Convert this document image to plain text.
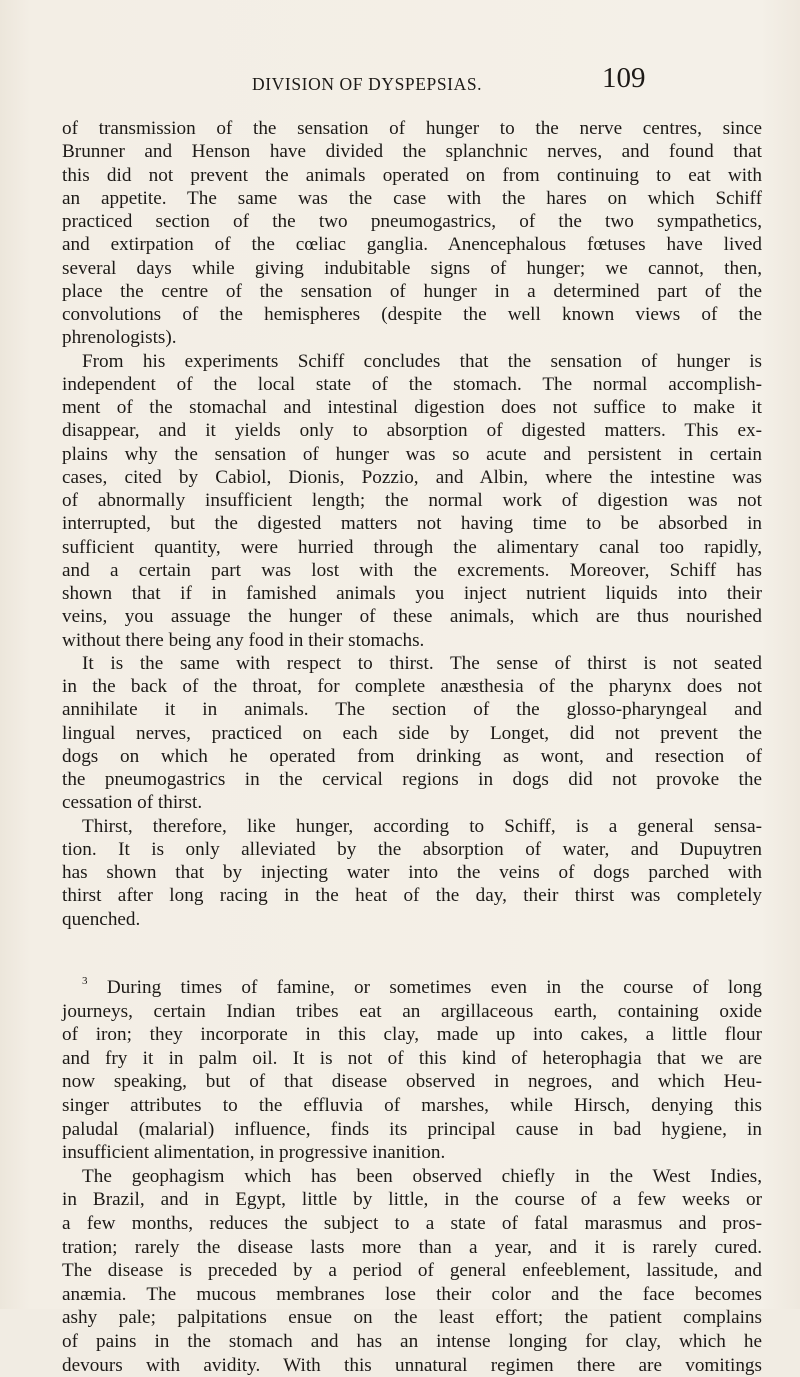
DIVISION OF DYSPEPSIAS.	109
of transmission of the sensation of hunger to the nerve centres, since
Brunner and Henson have divided the splanchnic nerves, and found that
this did not prevent the animals operated on from continuing to eat with
an appetite. The same was the case with the hares on which Schiff
practiced section of the two pneumogastrics, of the two sympathetics,
and extirpation of the cœliac ganglia. Anencephalous fœtuses have lived
several days while giving indubitable signs of hunger; we cannot, then,
place the centre of the sensation of hunger in a determined part of the
convolutions of the hemispheres (despite the well known views of the
phrenologists).
From his experiments Schiff concludes that the sensation of hunger is
independent of the local state of the stomach. The normal accomplish-
ment of the stomachal and intestinal digestion does not suffice to make it
disappear, and it yields only to absorption of digested matters. This ex-
plains why the sensation of hunger was so acute and persistent in certain
cases, cited by Cabiol, Dionis, Pozzio, and Albin, where the intestine was
of abnormally insufficient length; the normal work of digestion was not
interrupted, but the digested matters not having time to be absorbed in
sufficient quantity, were hurried through the alimentary canal too rapidly,
and a certain part was lost with the excrements. Moreover, Schiff has
shown that if in famished animals you inject nutrient liquids into their
veins, you assuage the hunger of these animals, which are thus nourished
without there being any food in their stomachs.
It is the same with respect to thirst. The sense of thirst is not seated
in the back of the throat, for complete anæsthesia of the pharynx does not
annihilate it in animals. The section of the glosso-pharyngeal and
lingual nerves, practiced on each side by Longet, did not prevent the
dogs on which he operated from drinking as wont, and resection of
the pneumogastrics in the cervical regions in dogs did not provoke the
cessation of thirst.
Thirst, therefore, like hunger, according to Schiff, is a general sensa-
tion. It is only alleviated by the absorption of water, and Dupuytren
has shown that by injecting water into the veins of dogs parched with
thirst after long racing in the heat of the day, their thirst was completely
quenched.
$^3$ During times of famine, or sometimes even in the course of long
journeys, certain Indian tribes eat an argillaceous earth, containing oxide
of iron; they incorporate in this clay, made up into cakes, a little flour
and fry it in palm oil. It is not of this kind of heterophagia that we are
now speaking, but of that disease observed in negroes, and which Heu-
singer attributes to the effluvia of marshes, while Hirsch, denying this
paludal (malarial) influence, finds its principal cause in bad hygiene, in
insufficient alimentation, in progressive inanition.
The geophagism which has been observed chiefly in the West Indies,
in Brazil, and in Egypt, little by little, in the course of a few weeks or
a few months, reduces the subject to a state of fatal marasmus and pros-
tration; rarely the disease lasts more than a year, and it is rarely cured.
The disease is preceded by a period of general enfeeblement, lassitude, and
anæmia. The mucous membranes lose their color and the face becomes
ashy pale; palpitations ensue on the least effort; the patient complains
of pains in the stomach and has an intense longing for clay, which he
devours with avidity. With this unnatural regimen there are vomitings
